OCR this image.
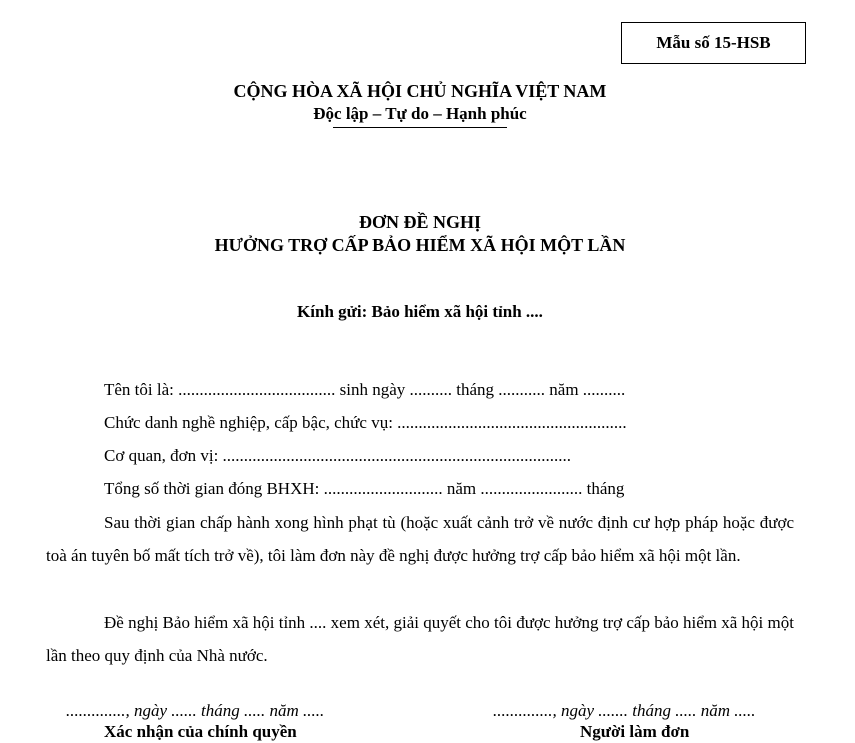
Mẫu số 15-HSB
CỘNG HÒA XÃ HỘI CHỦ NGHĨA VIỆT NAM
Độc lập – Tự do – Hạnh phúc
ĐƠN ĐỀ NGHỊ
HƯỞNG TRỢ CẤP BẢO HIỂM XÃ HỘI MỘT LẦN
Kính gửi: Bảo hiểm xã hội tỉnh ....
Tên tôi là: ..................................... sinh ngày .......... tháng ........... năm ..........
Chức danh nghề nghiệp, cấp bậc, chức vụ: ......................................................
Cơ quan, đơn vị: ..................................................................................
Tổng số thời gian đóng BHXH: ............................ năm ........................ tháng
Sau thời gian chấp hành xong hình phạt tù (hoặc xuất cảnh trở về nước định cư hợp pháp hoặc được toà án tuyên bố mất tích trở về), tôi làm đơn này đề nghị được hưởng trợ cấp bảo hiểm xã hội một lần.
Đề nghị Bảo hiểm xã hội tỉnh .... xem xét, giải quyết cho tôi được hưởng trợ cấp bảo hiểm xã hội một lần theo quy định của Nhà nước.
.............., ngày ...... tháng ..... năm .....
Xác nhận của chính quyền
.............., ngày ....... tháng ..... năm .....
Người làm đơn
